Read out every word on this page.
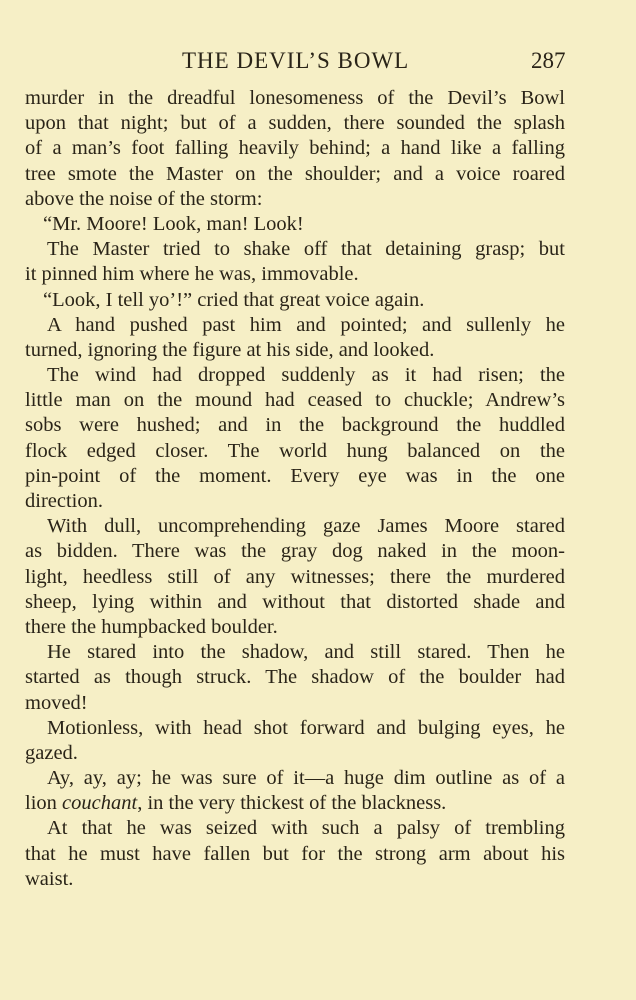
THE DEVIL’S BOWL	287
murder in the dreadful lonesomeness of the Devil’s Bowl
upon that night; but of a sudden, there sounded the splash
of a man’s foot falling heavily behind; a hand like a falling
tree smote the Master on the shoulder; and a voice roared
above the noise of the storm:
“Mr. Moore! Look, man! Look!
The Master tried to shake off that detaining grasp; but
it pinned him where he was, immovable.
“Look, I tell yo’!” cried that great voice again.
A hand pushed past him and pointed; and sullenly he
turned, ignoring the figure at his side, and looked.
The wind had dropped suddenly as it had risen; the
little man on the mound had ceased to chuckle; Andrew’s
sobs were hushed; and in the background the huddled
flock edged closer. The world hung balanced on the
pin-point of the moment. Every eye was in the one
direction.
With dull, uncomprehending gaze James Moore stared
as bidden. There was the gray dog naked in the moon-
light, heedless still of any witnesses; there the murdered
sheep, lying within and without that distorted shade and
there the humpbacked boulder.
He stared into the shadow, and still stared. Then he
started as though struck. The shadow of the boulder had
moved!
Motionless, with head shot forward and bulging eyes, he
gazed.
Ay, ay, ay; he was sure of it—a huge dim outline as of a
lion couchant, in the very thickest of the blackness.
At that he was seized with such a palsy of trembling
that he must have fallen but for the strong arm about his
waist.
